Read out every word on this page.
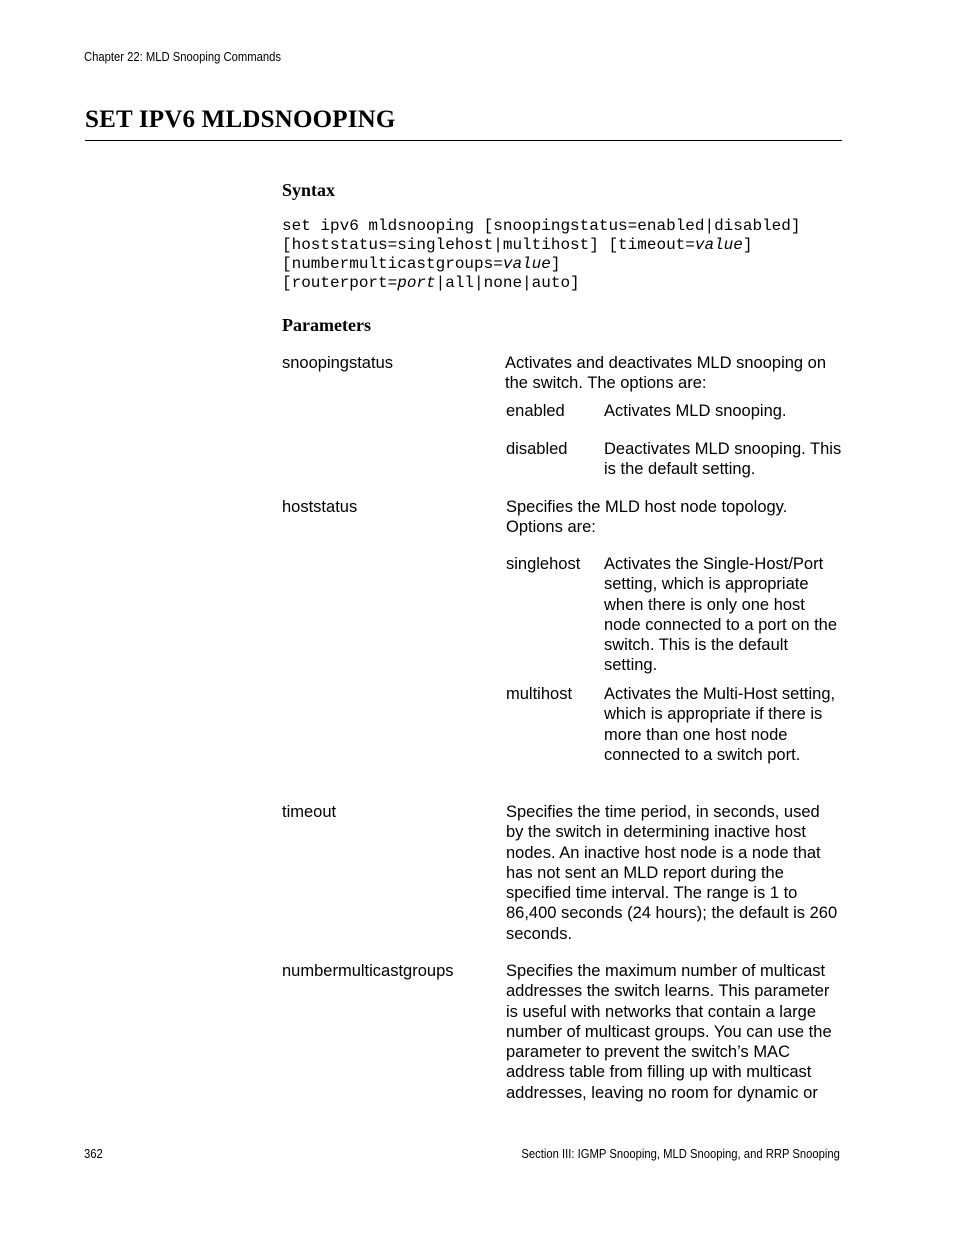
Chapter 22: MLD Snooping Commands
SET IPV6 MLDSNOOPING
Syntax
set ipv6 mldsnooping [snoopingstatus=enabled|disabled]
[hoststatus=singlehost|multihost] [timeout=value]
[numbermulticastgroups=value]
[routerport=port|all|none|auto]
Parameters
snoopingstatus	Activates and deactivates MLD snooping on the switch. The options are:
enabled Activates MLD snooping.
disabled Deactivates MLD snooping. This is the default setting.
hoststatus	Specifies the MLD host node topology. Options are:
singlehost Activates the Single-Host/Port setting, which is appropriate when there is only one host node connected to a port on the switch. This is the default setting.
multihost Activates the Multi-Host setting, which is appropriate if there is more than one host node connected to a switch port.
timeout	Specifies the time period, in seconds, used by the switch in determining inactive host nodes. An inactive host node is a node that has not sent an MLD report during the specified time interval. The range is 1 to 86,400 seconds (24 hours); the default is 260 seconds.
numbermulticastgroups	Specifies the maximum number of multicast addresses the switch learns. This parameter is useful with networks that contain a large number of multicast groups. You can use the parameter to prevent the switch’s MAC address table from filling up with multicast addresses, leaving no room for dynamic or
362	Section III: IGMP Snooping, MLD Snooping, and RRP Snooping
